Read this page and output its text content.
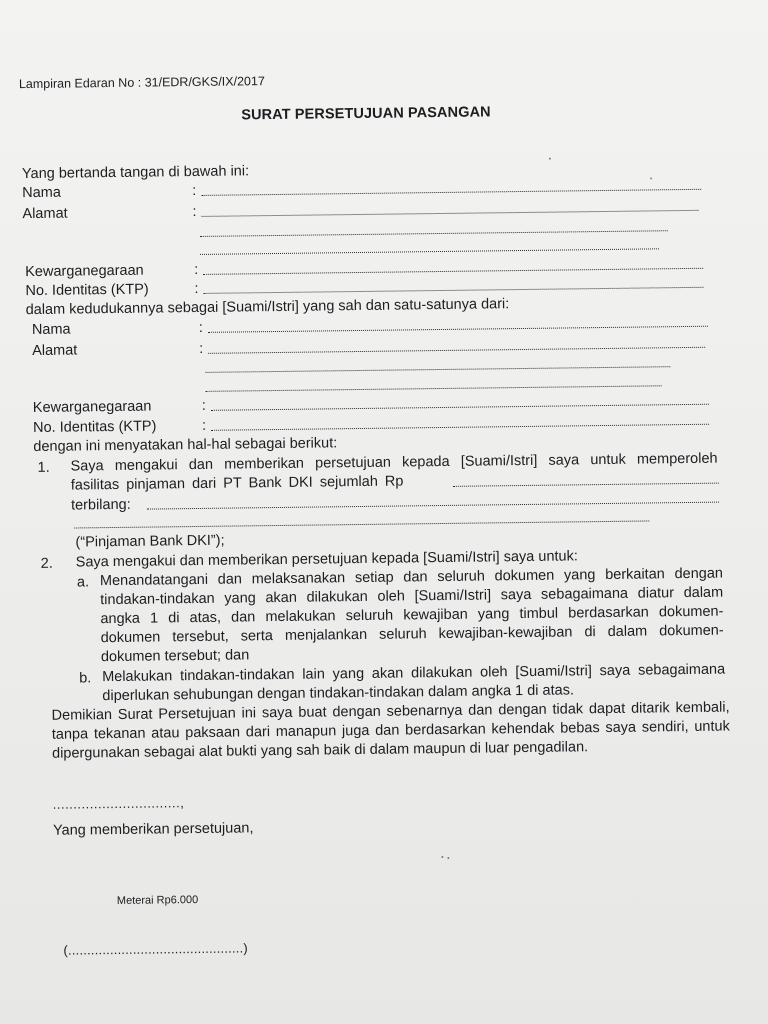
Lampiran Edaran No : 31/EDR/GKS/IX/2017
SURAT PERSETUJUAN PASANGAN
Yang bertanda tangan di bawah ini:
Nama	:
Alamat	:
Kewarganegaraan	:
No. Identitas (KTP)	:
dalam kedudukannya sebagai [Suami/Istri] yang sah dan satu-satunya dari:
Nama	:
Alamat	:
Kewarganegaraan	:
No. Identitas (KTP)	:
dengan ini menyatakan hal-hal sebagai berikut:
1. Saya mengakui dan memberikan persetujuan kepada [Suami/Istri] saya untuk memperoleh
fasilitas pinjaman dari PT Bank DKI sejumlah Rp
terbilang:
(“Pinjaman Bank DKI”);
2. Saya mengakui dan memberikan persetujuan kepada [Suami/Istri] saya untuk:
a. Menandatangani dan melaksanakan setiap dan seluruh dokumen yang berkaitan dengan
tindakan-tindakan yang akan dilakukan oleh [Suami/Istri] saya sebagaimana diatur dalam
angka 1 di atas, dan melakukan seluruh kewajiban yang timbul berdasarkan dokumen-
dokumen tersebut, serta menjalankan seluruh kewajiban-kewajiban di dalam dokumen-
dokumen tersebut; dan
b. Melakukan tindakan-tindakan lain yang akan dilakukan oleh [Suami/Istri] saya sebagaimana
diperlukan sehubungan dengan tindakan-tindakan dalam angka 1 di atas.
Demikian Surat Persetujuan ini saya buat dengan sebenarnya dan dengan tidak dapat ditarik kembali,
tanpa tekanan atau paksaan dari manapun juga dan berdasarkan kehendak bebas saya sendiri, untuk
dipergunakan sebagai alat bukti yang sah baik di dalam maupun di luar pengadilan.
...............................,
Yang memberikan persetujuan,
Meterai Rp6.000
(..............................................)
